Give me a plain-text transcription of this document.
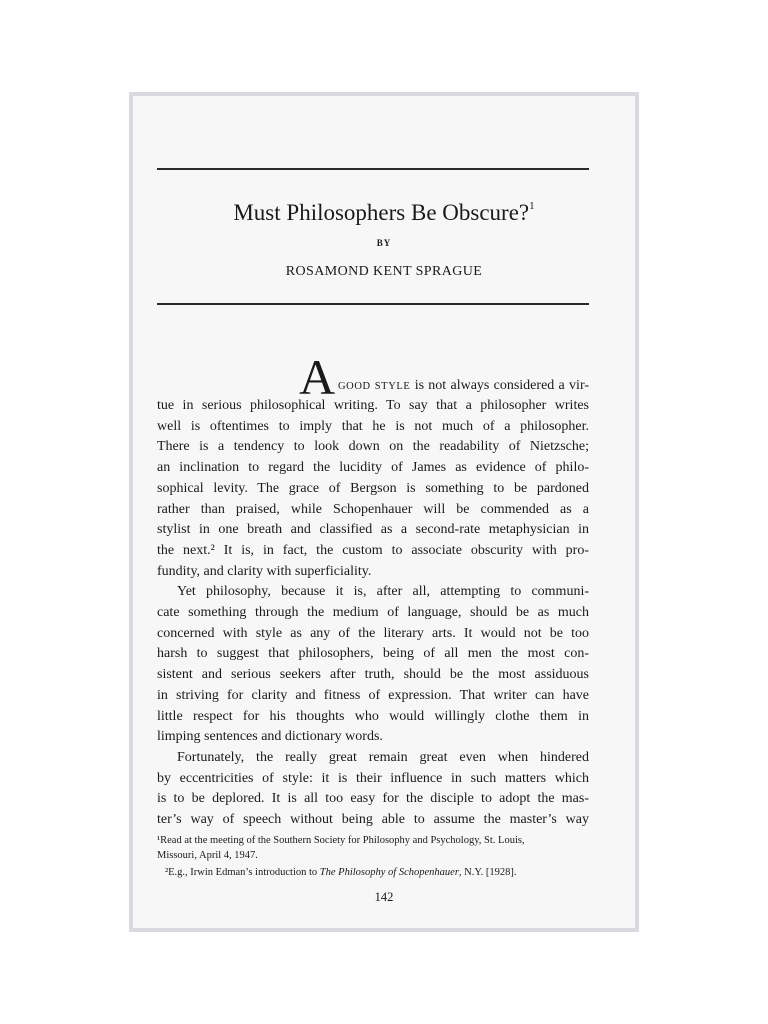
Must Philosophers Be Obscure?$^1$
BY
ROSAMOND KENT SPRAGUE
A GOOD STYLE is not always considered a vir-
tue in serious philosophical writing. To say that a philosopher writes
well is oftentimes to imply that he is not much of a philosopher.
There is a tendency to look down on the readability of Nietzsche;
an inclination to regard the lucidity of James as evidence of philo-
sophical levity. The grace of Bergson is something to be pardoned
rather than praised, while Schopenhauer will be commended as a
stylist in one breath and classified as a second-rate metaphysician in
the next.² It is, in fact, the custom to associate obscurity with pro-
fundity, and clarity with superficiality.
Yet philosophy, because it is, after all, attempting to communi-
cate something through the medium of language, should be as much
concerned with style as any of the literary arts. It would not be too
harsh to suggest that philosophers, being of all men the most con-
sistent and serious seekers after truth, should be the most assiduous
in striving for clarity and fitness of expression. That writer can have
little respect for his thoughts who would willingly clothe them in
limping sentences and dictionary words.
Fortunately, the really great remain great even when hindered
by eccentricities of style: it is their influence in such matters which
is to be deplored. It is all too easy for the disciple to adopt the mas-
ter’s way of speech without being able to assume the master’s way
¹Read at the meeting of the Southern Society for Philosophy and Psychology, St. Louis,
Missouri, April 4, 1947.
²E.g., Irwin Edman’s introduction to The Philosophy of Schopenhauer, N.Y. [1928].
142
